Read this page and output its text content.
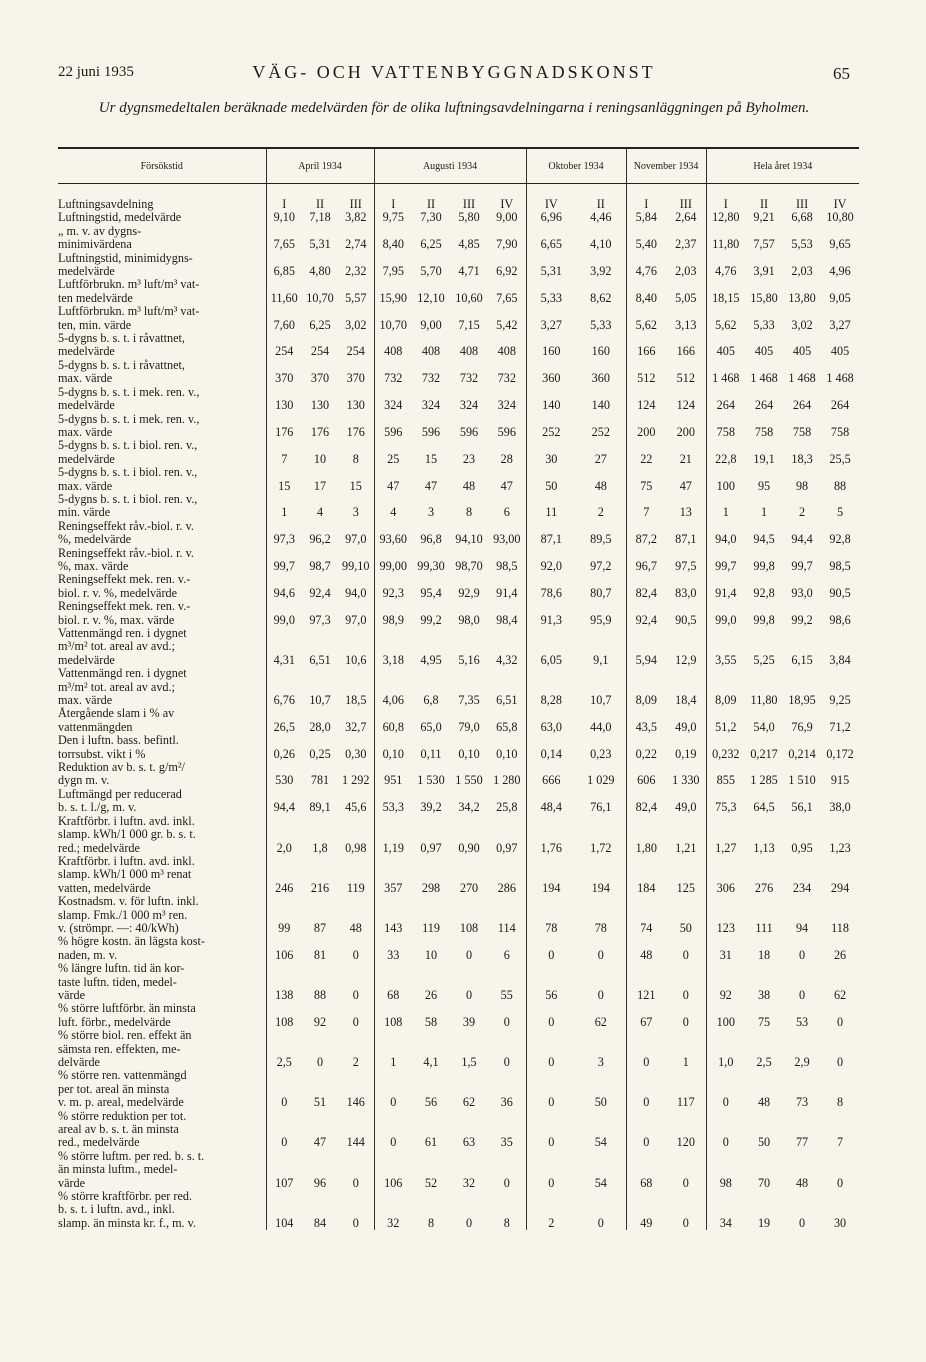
22 juni 1935	VÄG- OCH VATTENBYGGNADSKONST	65
Ur dygnsmedeltalen beräknade medelvärden för de olika luftningsavdelningarna i reningsanläggningen på Byholmen.
Försökstid	April 1934			Augusti 1934				Oktober 1934		November 1934		Hela året 1934			
Luftningsavdelning	I	II	III	I	II	III	IV	IV	II	I	III	I	II	III	IV
Luftningstid, medelvärde	9,10	7,18	3,82	9,75	7,30	5,80	9,00	6,96	4,46	5,84	2,64	12,80	9,21	6,68	10,80
„ m. v. av dygns-
minimivärdena	7,65	5,31	2,74	8,40	6,25	4,85	7,90	6,65	4,10	5,40	2,37	11,80	7,57	5,53	9,65
Luftningstid, minimidygns-
medelvärde	6,85	4,80	2,32	7,95	5,70	4,71	6,92	5,31	3,92	4,76	2,03	4,76	3,91	2,03	4,96
Luftförbrukn. m³ luft/m³ vat-
ten medelvärde	11,60	10,70	5,57	15,90	12,10	10,60	7,65	5,33	8,62	8,40	5,05	18,15	15,80	13,80	9,05
Luftförbrukn. m³ luft/m³ vat-
ten, min. värde	7,60	6,25	3,02	10,70	9,00	7,15	5,42	3,27	5,33	5,62	3,13	5,62	5,33	3,02	3,27
5-dygns b. s. t. i råvattnet,
medelvärde	254	254	254	408	408	408	408	160	160	166	166	405	405	405	405
5-dygns b. s. t. i råvattnet,
max. värde	370	370	370	732	732	732	732	360	360	512	512	1 468	1 468	1 468	1 468
5-dygns b. s. t. i mek. ren. v.,
medelvärde	130	130	130	324	324	324	324	140	140	124	124	264	264	264	264
5-dygns b. s. t. i mek. ren. v.,
max. värde	176	176	176	596	596	596	596	252	252	200	200	758	758	758	758
5-dygns b. s. t. i biol. ren. v.,
medelvärde	7	10	8	25	15	23	28	30	27	22	21	22,8	19,1	18,3	25,5
5-dygns b. s. t. i biol. ren. v.,
max. värde	15	17	15	47	47	48	47	50	48	75	47	100	95	98	88
5-dygns b. s. t. i biol. ren. v.,
min. värde	1	4	3	4	3	8	6	11	2	7	13	1	1	2	5
Reningseffekt råv.-biol. r. v.
%, medelvärde	97,3	96,2	97,0	93,60	96,8	94,10	93,00	87,1	89,5	87,2	87,1	94,0	94,5	94,4	92,8
Reningseffekt råv.-biol. r. v.
%, max. värde	99,7	98,7	99,10	99,00	99,30	98,70	98,5	92,0	97,2	96,7	97,5	99,7	99,8	99,7	98,5
Reningseffekt mek. ren. v.-
biol. r. v. %, medelvärde	94,6	92,4	94,0	92,3	95,4	92,9	91,4	78,6	80,7	82,4	83,0	91,4	92,8	93,0	90,5
Reningseffekt mek. ren. v.-
biol. r. v. %, max. värde	99,0	97,3	97,0	98,9	99,2	98,0	98,4	91,3	95,9	92,4	90,5	99,0	99,8	99,2	98,6
Vattenmängd ren. i dygnet
m³/m² tot. areal av avd.;
medelvärde	4,31	6,51	10,6	3,18	4,95	5,16	4,32	6,05	9,1	5,94	12,9	3,55	5,25	6,15	3,84
Vattenmängd ren. i dygnet
m³/m² tot. areal av avd.;
max. värde	6,76	10,7	18,5	4,06	6,8	7,35	6,51	8,28	10,7	8,09	18,4	8,09	11,80	18,95	9,25
Återgående slam i % av
vattenmängden	26,5	28,0	32,7	60,8	65,0	79,0	65,8	63,0	44,0	43,5	49,0	51,2	54,0	76,9	71,2
Den i luftn. bass. befintl.
torrsubst. vikt i %	0,26	0,25	0,30	0,10	0,11	0,10	0,10	0,14	0,23	0,22	0,19	0,232	0,217	0,214	0,172
Reduktion av b. s. t. g/m²/
dygn m. v.	530	781	1 292	951	1 530	1 550	1 280	666	1 029	606	1 330	855	1 285	1 510	915
Luftmängd per reducerad
b. s. t. l./g, m. v.	94,4	89,1	45,6	53,3	39,2	34,2	25,8	48,4	76,1	82,4	49,0	75,3	64,5	56,1	38,0
Kraftförbr. i luftn. avd. inkl.
slamp. kWh/1 000 gr. b. s. t.
red.; medelvärde	2,0	1,8	0,98	1,19	0,97	0,90	0,97	1,76	1,72	1,80	1,21	1,27	1,13	0,95	1,23
Kraftförbr. i luftn. avd. inkl.
slamp. kWh/1 000 m³ renat
vatten, medelvärde	246	216	119	357	298	270	286	194	194	184	125	306	276	234	294
Kostnadsm. v. för luftn. inkl.
slamp. Fmk./1 000 m³ ren.
v. (strömpr. —: 40/kWh)	99	87	48	143	119	108	114	78	78	74	50	123	111	94	118
% högre kostn. än lägsta kost-
naden, m. v.	106	81	0	33	10	0	6	0	0	48	0	31	18	0	26
% längre luftn. tid än kor-
taste luftn. tiden, medel-
värde	138	88	0	68	26	0	55	56	0	121	0	92	38	0	62
% större luftförbr. än minsta
luft. förbr., medelvärde	108	92	0	108	58	39	0	0	62	67	0	100	75	53	0
% större biol. ren. effekt än
sämsta ren. effekten, me-
delvärde	2,5	0	2	1	4,1	1,5	0	0	3	0	1	1,0	2,5	2,9	0
% större ren. vattenmängd
per tot. areal än minsta
v. m. p. areal, medelvärde	0	51	146	0	56	62	36	0	50	0	117	0	48	73	8
% större reduktion per tot.
areal av b. s. t. än minsta
red., medelvärde	0	47	144	0	61	63	35	0	54	0	120	0	50	77	7
% större luftm. per red. b. s. t.
än minsta luftm., medel-
värde	107	96	0	106	52	32	0	0	54	68	0	98	70	48	0
% större kraftförbr. per red.
b. s. t. i luftn. avd., inkl.
slamp. än minsta kr. f., m. v.	104	84	0	32	8	0	8	2	0	49	0	34	19	0	30
